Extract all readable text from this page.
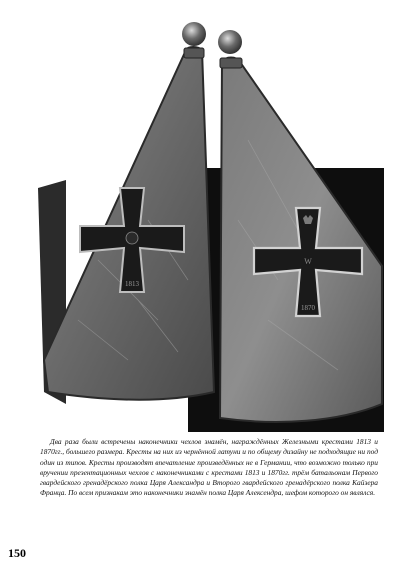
1813
W
1870

Два раза были встречены наконечники чехлов знамён, награждённых Железными крестами 1813 и 1870гг., большего размера. Кресты на них из чернённой латуни и по общему дизайну не подходящие ни под один из типов. Кресты производят впечатление произведённых не в Германии, что возможно только при вручении презентационных чехлов с наконечниками с крестами 1813 и 1870гг. трём батальонам Первого гвардейского гренадёрского полка Царя Александра и Второго гвардейского гренадёрского полка Кайзера Франца. По всем признакам это наконечники знамён полка Царя Алексендра, шефом которого он являлся.

150
